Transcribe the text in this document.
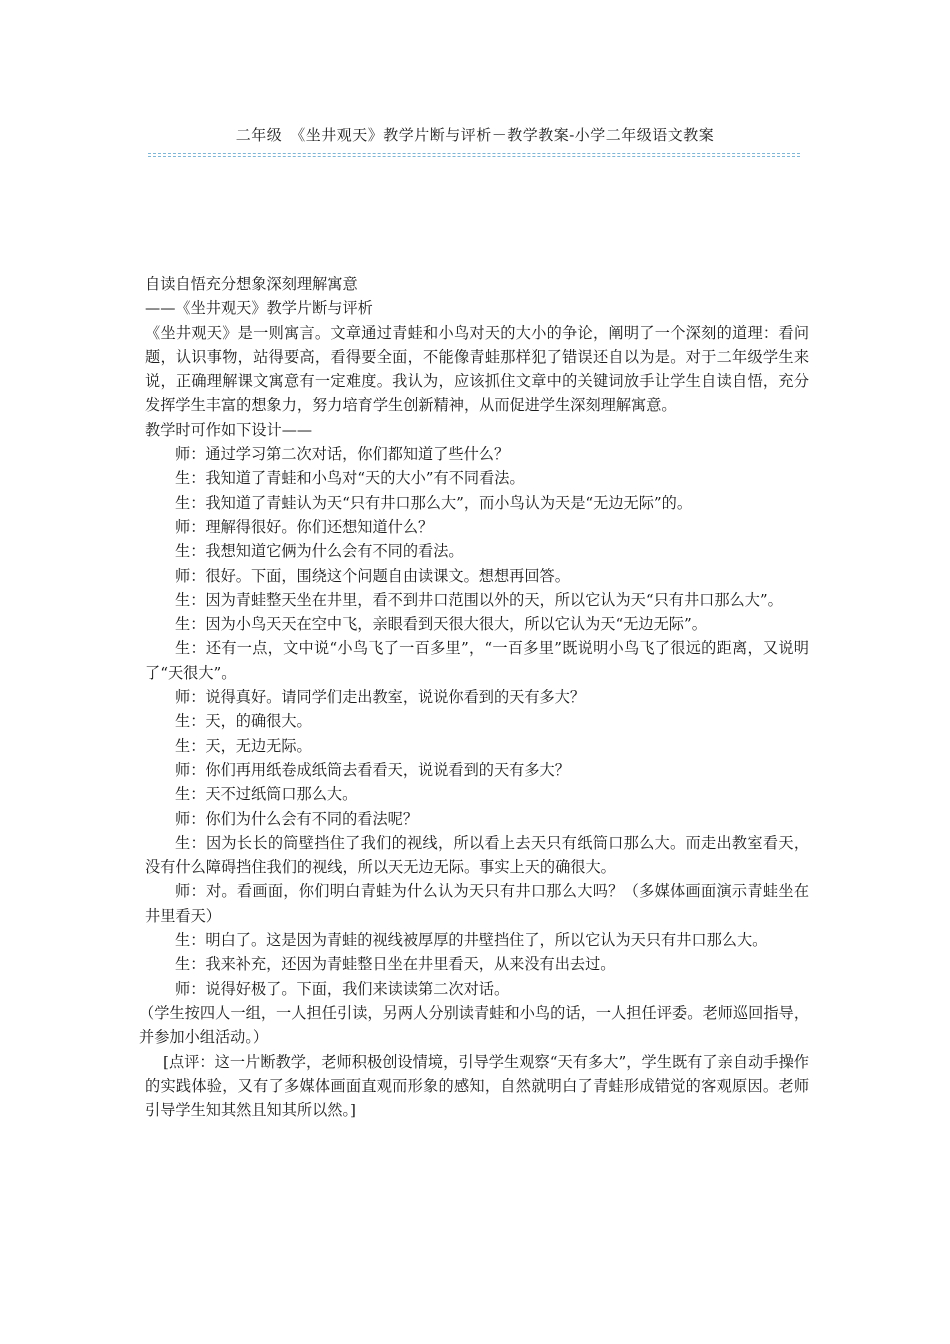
二年级　《坐井观天》教学片断与评析－教学教案-小学二年级语文教案

自读自悟充分想象深刻理解寓意

——《坐井观天》教学片断与评析

《坐井观天》是一则寓言。文章通过青蛙和小鸟对天的大小的争论，阐明了一个深刻的道理：看问题，认识事物，站得要高，看得要全面，不能像青蛙那样犯了错误还自以为是。对于二年级学生来说，正确理解课文寓意有一定难度。我认为，应该抓住文章中的关键词放手让学生自读自悟，充分发挥学生丰富的想象力，努力培育学生创新精神，从而促进学生深刻理解寓意。

教学时可作如下设计——

师：通过学习第二次对话，你们都知道了些什么？

生：我知道了青蛙和小鸟对“天的大小”有不同看法。

生：我知道了青蛙认为天“只有井口那么大”，而小鸟认为天是“无边无际”的。

师：理解得很好。你们还想知道什么？

生：我想知道它俩为什么会有不同的看法。

师：很好。下面，围绕这个问题自由读课文。想想再回答。

生：因为青蛙整天坐在井里，看不到井口范围以外的天，所以它认为天“只有井口那么大”。

生：因为小鸟天天在空中飞，亲眼看到天很大很大，所以它认为天“无边无际”。

生：还有一点，文中说“小鸟飞了一百多里”，“一百多里”既说明小鸟飞了很远的距离，又说明了“天很大”。

师：说得真好。请同学们走出教室，说说你看到的天有多大？

生：天，的确很大。

生：天，无边无际。

师：你们再用纸卷成纸筒去看看天，说说看到的天有多大？

生：天不过纸筒口那么大。

师：你们为什么会有不同的看法呢？

生：因为长长的筒壁挡住了我们的视线，所以看上去天只有纸筒口那么大。而走出教室看天，没有什么障碍挡住我们的视线，所以天无边无际。事实上天的确很大。

师：对。看画面，你们明白青蛙为什么认为天只有井口那么大吗？（多媒体画面演示青蛙坐在井里看天）

生：明白了。这是因为青蛙的视线被厚厚的井壁挡住了，所以它认为天只有井口那么大。

生：我来补充，还因为青蛙整日坐在井里看天，从来没有出去过。

师：说得好极了。下面，我们来读读第二次对话。

（学生按四人一组，一人担任引读，另两人分别读青蛙和小鸟的话，一人担任评委。老师巡回指导，并参加小组活动。）

[点评：这一片断教学，老师积极创设情境，引导学生观察“天有多大”，学生既有了亲自动手操作的实践体验，又有了多媒体画面直观而形象的感知，自然就明白了青蛙形成错觉的客观原因。老师引导学生知其然且知其所以然。]
